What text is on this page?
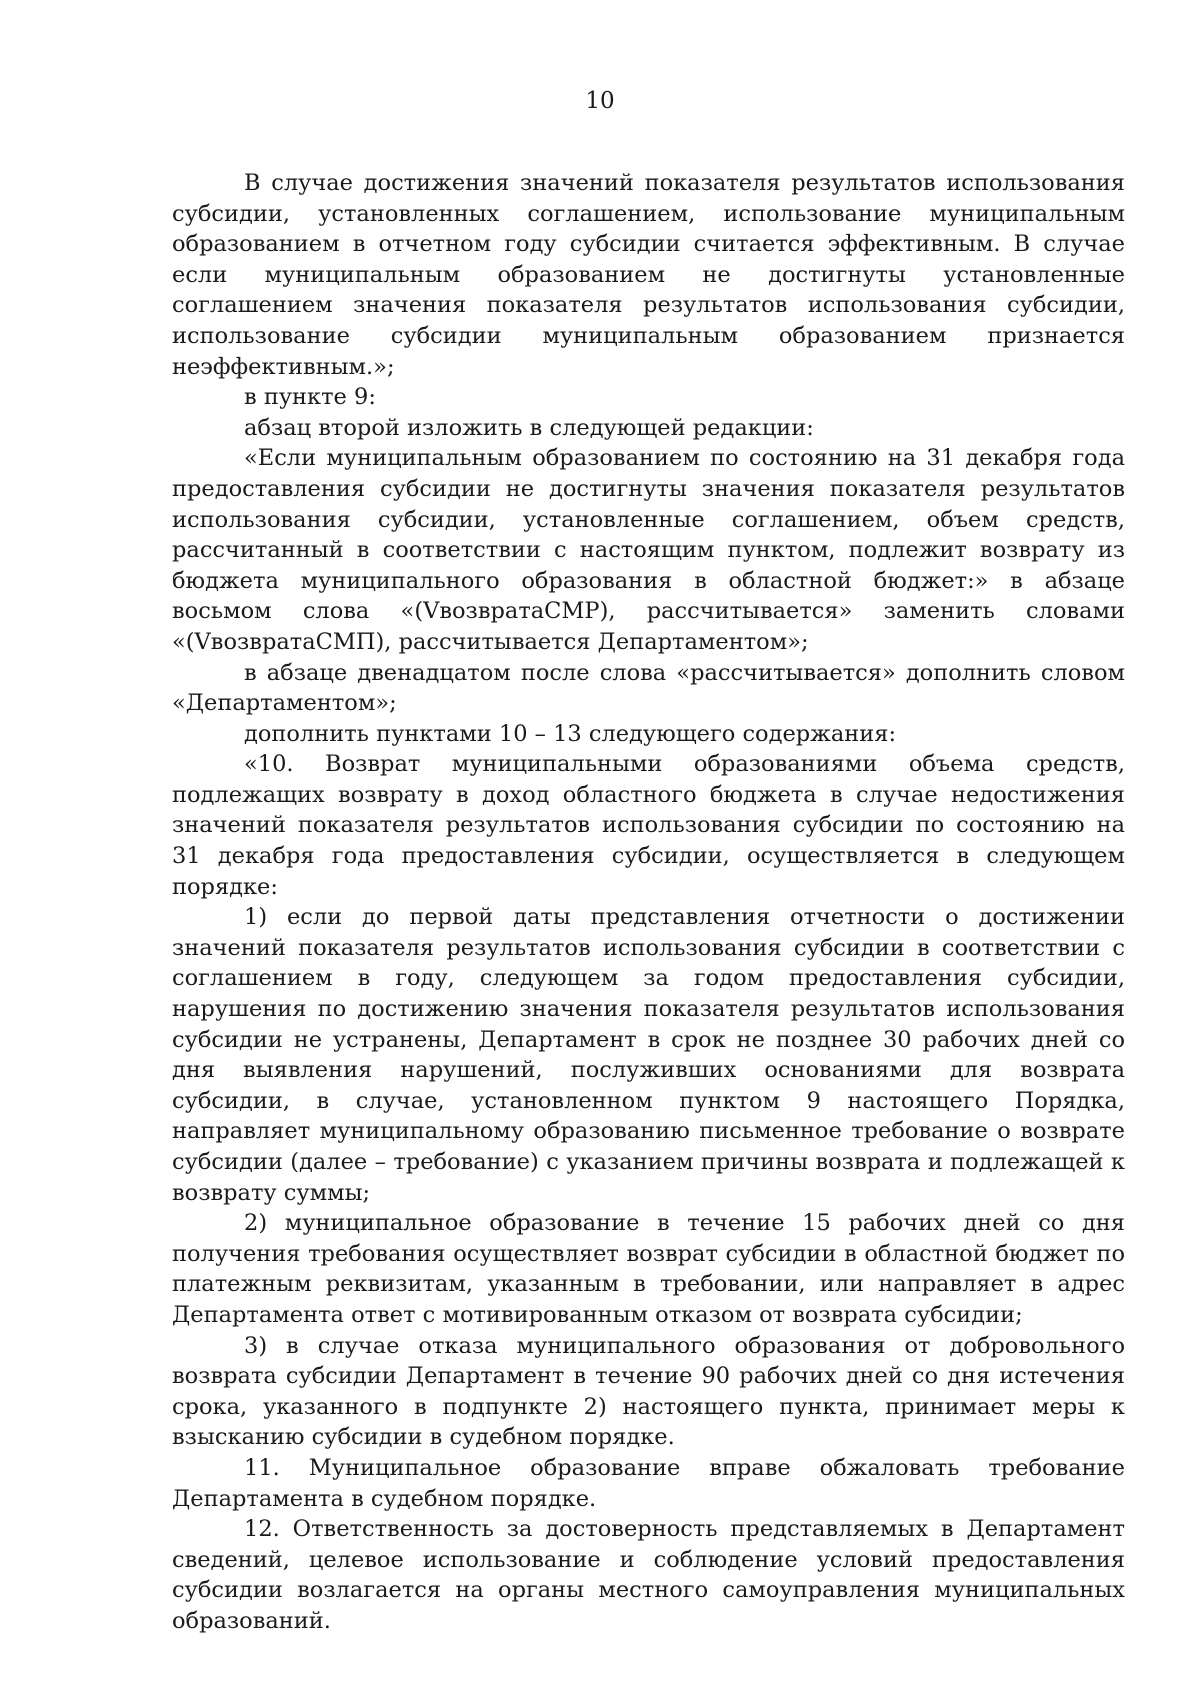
10

В случае достижения значений показателя результатов использования субсидии, установленных соглашением, использование муниципальным образованием в отчетном году субсидии считается эффективным. В случае если муниципальным образованием не достигнуты установленные соглашением значения показателя результатов использования субсидии, использование субсидии муниципальным образованием признается неэффективным.»;

в пункте 9:

абзац второй изложить в следующей редакции:

«Если муниципальным образованием по состоянию на 31 декабря года предоставления субсидии не достигнуты значения показателя результатов использования субсидии, установленные соглашением, объем средств, рассчитанный в соответствии с настоящим пунктом, подлежит возврату из бюджета муниципального образования в областной бюджет:» в абзаце восьмом слова «(VвозвратаСМР), рассчитывается» заменить словами «(VвозвратаСМП), рассчитывается Департаментом»;

в абзаце двенадцатом после слова «рассчитывается» дополнить словом «Департаментом»;

дополнить пунктами 10 – 13 следующего содержания:

«10. Возврат муниципальными образованиями объема средств, подлежащих возврату в доход областного бюджета в случае недостижения значений показателя результатов использования субсидии по состоянию на 31 декабря года предоставления субсидии, осуществляется в следующем порядке:

1) если до первой даты представления отчетности о достижении значений показателя результатов использования субсидии в соответствии с соглашением в году, следующем за годом предоставления субсидии, нарушения по достижению значения показателя результатов использования субсидии не устранены, Департамент в срок не позднее 30 рабочих дней со дня выявления нарушений, послуживших основаниями для возврата субсидии, в случае, установленном пунктом 9 настоящего Порядка, направляет муниципальному образованию письменное требование о возврате субсидии (далее – требование) с указанием причины возврата и подлежащей к возврату суммы;

2) муниципальное образование в течение 15 рабочих дней со дня получения требования осуществляет возврат субсидии в областной бюджет по платежным реквизитам, указанным в требовании, или направляет в адрес Департамента ответ с мотивированным отказом от возврата субсидии;

3) в случае отказа муниципального образования от добровольного возврата субсидии Департамент в течение 90 рабочих дней со дня истечения срока, указанного в подпункте 2) настоящего пункта, принимает меры к взысканию субсидии в судебном порядке.

11. Муниципальное образование вправе обжаловать требование Департамента в судебном порядке.

12. Ответственность за достоверность представляемых в Департамент сведений, целевое использование и соблюдение условий предоставления субсидии возлагается на органы местного самоуправления муниципальных образований.
